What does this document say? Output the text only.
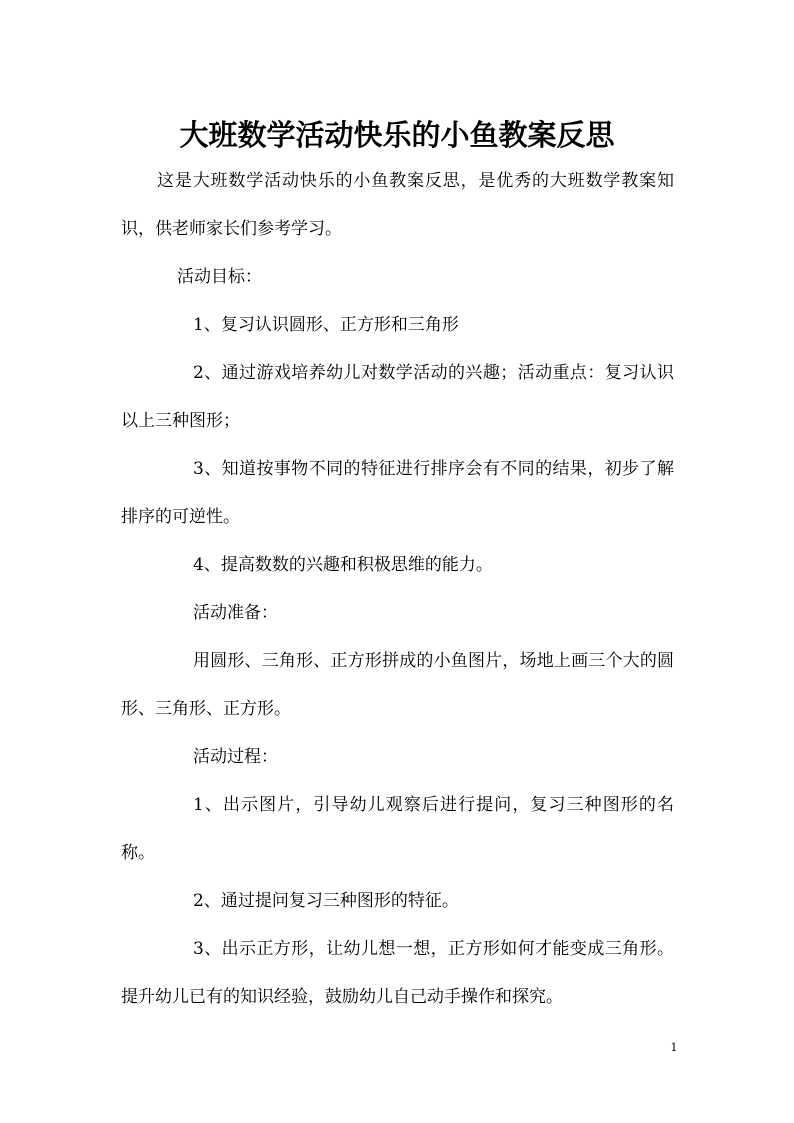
大班数学活动快乐的小鱼教案反思

这是大班数学活动快乐的小鱼教案反思，是优秀的大班数学教案知识，供老师家长们参考学习。

活动目标：

1、复习认识圆形、正方形和三角形

2、通过游戏培养幼儿对数学活动的兴趣；活动重点：复习认识以上三种图形；

3、知道按事物不同的特征进行排序会有不同的结果，初步了解排序的可逆性。

4、提高数数的兴趣和积极思维的能力。

活动准备：

用圆形、三角形、正方形拼成的小鱼图片，场地上画三个大的圆形、三角形、正方形。

活动过程：

1、出示图片，引导幼儿观察后进行提问，复习三种图形的名称。

2、通过提问复习三种图形的特征。

3、出示正方形，让幼儿想一想，正方形如何才能变成三角形。提升幼儿已有的知识经验，鼓励幼儿自己动手操作和探究。

1
